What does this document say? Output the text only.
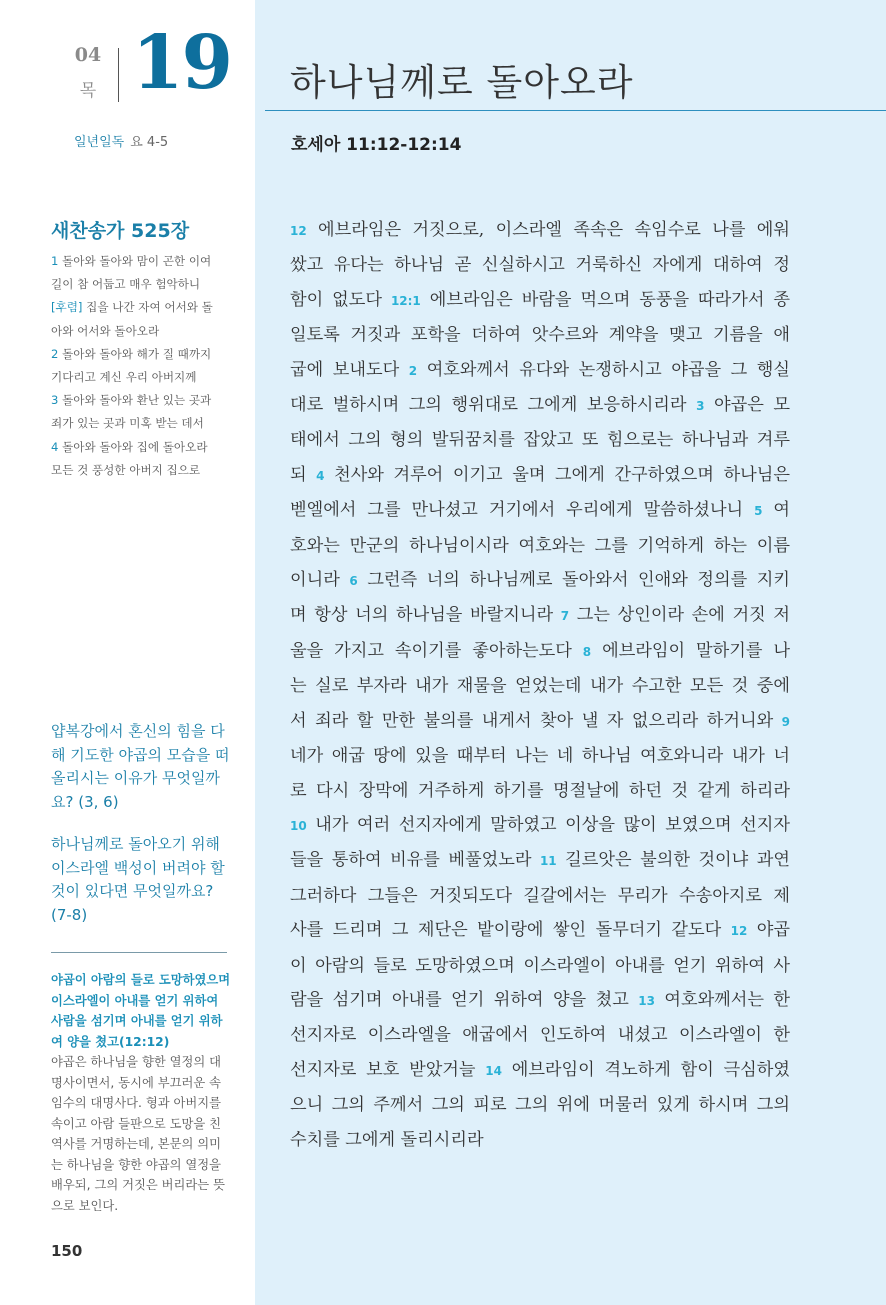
04
목 19
일년일독 요 4-5
새찬송가 525장
1 돌아와 돌아와 맘이 곤한 이여
길이 참 어둡고 매우 험악하니
[후렴] 집을 나간 자여 어서와 돌
아와 어서와 돌아오라
2 돌아와 돌아와 해가 질 때까지
기다리고 계신 우리 아버지께
3 돌아와 돌아와 환난 있는 곳과
죄가 있는 곳과 미혹 받는 데서
4 돌아와 돌아와 집에 돌아오라
모든 것 풍성한 아버지 집으로
얍복강에서 혼신의 힘을 다해 기도한 야곱의 모습을 떠올리시는 이유가 무엇일까요? (3, 6)
하나님께로 돌아오기 위해 이스라엘 백성이 버려야 할 것이 있다면 무엇일까요? (7-8)
야곱이 아람의 들로 도망하였으며 이스라엘이 아내를 얻기 위하여 사람을 섬기며 아내를 얻기 위하여 양을 쳤고(12:12)
야곱은 하나님을 향한 열정의 대명사이면서, 동시에 부끄러운 속임수의 대명사다. 형과 아버지를 속이고 아람 들판으로 도망을 친 역사를 거명하는데, 본문의 의미는 하나님을 향한 야곱의 열정을 배우되, 그의 거짓은 버리라는 뜻으로 보인다.
150
하나님께로 돌아오라
호세아 11:12-12:14
12 에브라임은 거짓으로, 이스라엘 족속은 속임수로 나를 에워
쌌고 유다는 하나님 곧 신실하시고 거룩하신 자에게 대하여 정
함이 없도다 12:1 에브라임은 바람을 먹으며 동풍을 따라가서 종
일토록 거짓과 포학을 더하여 앗수르와 계약을 맺고 기름을 애
굽에 보내도다 2 여호와께서 유다와 논쟁하시고 야곱을 그 행실
대로 벌하시며 그의 행위대로 그에게 보응하시리라 3 야곱은 모
태에서 그의 형의 발뒤꿈치를 잡았고 또 힘으로는 하나님과 겨루
되 4 천사와 겨루어 이기고 울며 그에게 간구하였으며 하나님은
벧엘에서 그를 만나셨고 거기에서 우리에게 말씀하셨나니 5 여
호와는 만군의 하나님이시라 여호와는 그를 기억하게 하는 이름
이니라 6 그런즉 너의 하나님께로 돌아와서 인애와 정의를 지키
며 항상 너의 하나님을 바랄지니라 7 그는 상인이라 손에 거짓 저
울을 가지고 속이기를 좋아하는도다 8 에브라임이 말하기를 나
는 실로 부자라 내가 재물을 얻었는데 내가 수고한 모든 것 중에
서 죄라 할 만한 불의를 내게서 찾아 낼 자 없으리라 하거니와 9
네가 애굽 땅에 있을 때부터 나는 네 하나님 여호와니라 내가 너
로 다시 장막에 거주하게 하기를 명절날에 하던 것 같게 하리라
10 내가 여러 선지자에게 말하였고 이상을 많이 보였으며 선지자
들을 통하여 비유를 베풀었노라 11 길르앗은 불의한 것이냐 과연
그러하다 그들은 거짓되도다 길갈에서는 무리가 수송아지로 제
사를 드리며 그 제단은 밭이랑에 쌓인 돌무더기 같도다 12 야곱
이 아람의 들로 도망하였으며 이스라엘이 아내를 얻기 위하여 사
람을 섬기며 아내를 얻기 위하여 양을 쳤고 13 여호와께서는 한
선지자로 이스라엘을 애굽에서 인도하여 내셨고 이스라엘이 한
선지자로 보호 받았거늘 14 에브라임이 격노하게 함이 극심하였
으니 그의 주께서 그의 피로 그의 위에 머물러 있게 하시며 그의
수치를 그에게 돌리시리라
